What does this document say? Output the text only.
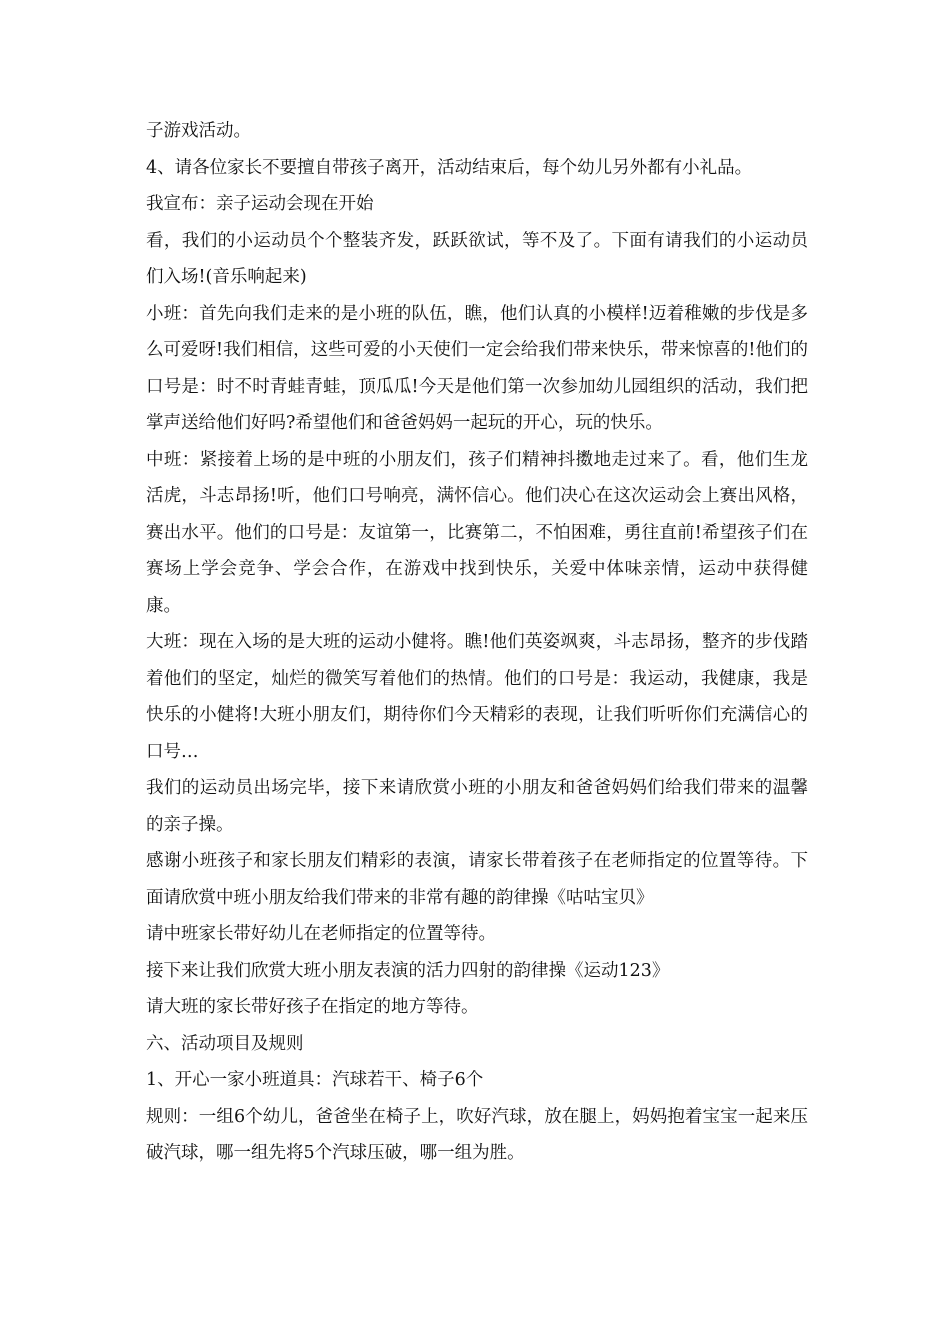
子游戏活动。

4、请各位家长不要擅自带孩子离开，活动结束后，每个幼儿另外都有小礼品。

我宣布：亲子运动会现在开始

看，我们的小运动员个个整装齐发，跃跃欲试，等不及了。下面有请我们的小运动员们入场!(音乐响起来)

小班：首先向我们走来的是小班的队伍，瞧，他们认真的小模样!迈着稚嫩的步伐是多么可爱呀!我们相信，这些可爱的小天使们一定会给我们带来快乐，带来惊喜的!他们的口号是：时不时青蛙青蛙，顶瓜瓜!今天是他们第一次参加幼儿园组织的活动，我们把掌声送给他们好吗?希望他们和爸爸妈妈一起玩的开心，玩的快乐。

中班：紧接着上场的是中班的小朋友们，孩子们精神抖擞地走过来了。看，他们生龙活虎，斗志昂扬!听，他们口号响亮，满怀信心。他们决心在这次运动会上赛出风格，赛出水平。他们的口号是：友谊第一，比赛第二，不怕困难，勇往直前!希望孩子们在赛场上学会竞争、学会合作，在游戏中找到快乐，关爱中体味亲情，运动中获得健康。

大班：现在入场的是大班的运动小健将。瞧!他们英姿飒爽，斗志昂扬，整齐的步伐踏着他们的坚定，灿烂的微笑写着他们的热情。他们的口号是：我运动，我健康，我是快乐的小健将!大班小朋友们，期待你们今天精彩的表现，让我们听听你们充满信心的口号…

我们的运动员出场完毕，接下来请欣赏小班的小朋友和爸爸妈妈们给我们带来的温馨的亲子操。

感谢小班孩子和家长朋友们精彩的表演，请家长带着孩子在老师指定的位置等待。下面请欣赏中班小朋友给我们带来的非常有趣的韵律操《咕咕宝贝》

请中班家长带好幼儿在老师指定的位置等待。

接下来让我们欣赏大班小朋友表演的活力四射的韵律操《运动123》

请大班的家长带好孩子在指定的地方等待。

六、活动项目及规则

1、开心一家小班道具：汽球若干、椅子6个

规则：一组6个幼儿，爸爸坐在椅子上，吹好汽球，放在腿上，妈妈抱着宝宝一起来压破汽球，哪一组先将5个汽球压破，哪一组为胜。
